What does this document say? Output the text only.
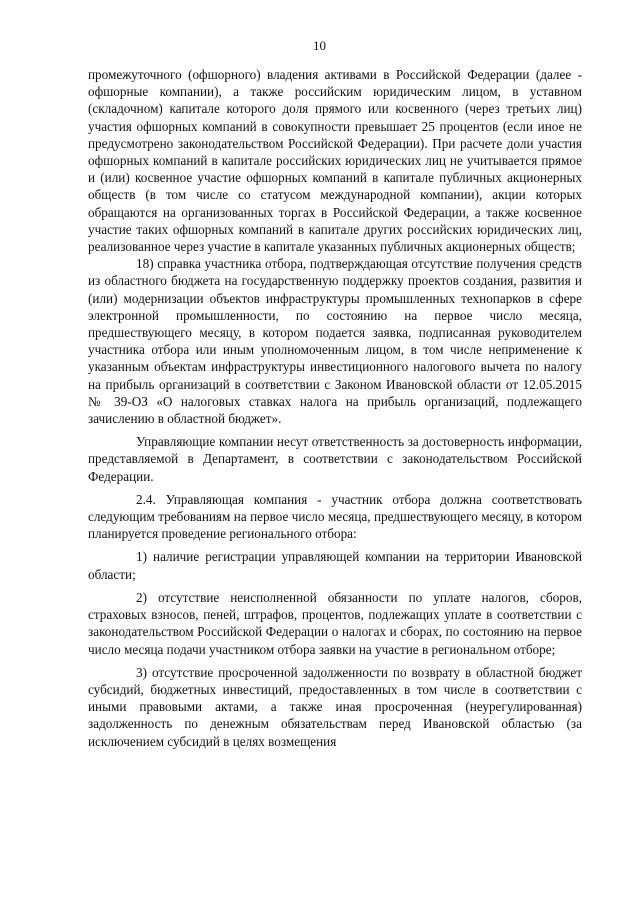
10

промежуточного (офшорного) владения активами в Российской Федерации (далее - офшорные компании), а также российским юридическим лицом, в уставном (складочном) капитале которого доля прямого или косвенного (через третьих лиц) участия офшорных компаний в совокупности превышает 25 процентов (если иное не предусмотрено законодательством Российской Федерации). При расчете доли участия офшорных компаний в капитале российских юридических лиц не учитывается прямое и (или) косвенное участие офшорных компаний в капитале публичных акционерных обществ (в том числе со статусом международной компании), акции которых обращаются на организованных торгах в Российской Федерации, а также косвенное участие таких офшорных компаний в капитале других российских юридических лиц, реализованное через участие в капитале указанных публичных акционерных обществ;

18) справка участника отбора, подтверждающая отсутствие получения средств из областного бюджета на государственную поддержку проектов создания, развития и (или) модернизации объектов инфраструктуры промышленных технопарков в сфере электронной промышленности, по состоянию на первое число месяца, предшествующего месяцу, в котором подается заявка, подписанная руководителем участника отбора или иным уполномоченным лицом, в том числе неприменение к указанным объектам инфраструктуры инвестиционного налогового вычета по налогу на прибыль организаций в соответствии с Законом Ивановской области от 12.05.2015 № 39-ОЗ «О налоговых ставках налога на прибыль организаций, подлежащего зачислению в областной бюджет».

Управляющие компании несут ответственность за достоверность информации, представляемой в Департамент, в соответствии с законодательством Российской Федерации.

2.4. Управляющая компания - участник отбора должна соответствовать следующим требованиям на первое число месяца, предшествующего месяцу, в котором планируется проведение регионального отбора:

1) наличие регистрации управляющей компании на территории Ивановской области;

2) отсутствие неисполненной обязанности по уплате налогов, сборов, страховых взносов, пеней, штрафов, процентов, подлежащих уплате в соответствии с законодательством Российской Федерации о налогах и сборах, по состоянию на первое число месяца подачи участником отбора заявки на участие в региональном отборе;

3) отсутствие просроченной задолженности по возврату в областной бюджет субсидий, бюджетных инвестиций, предоставленных в том числе в соответствии с иными правовыми актами, а также иная просроченная (неурегулированная) задолженность по денежным обязательствам перед Ивановской областью (за исключением субсидий в целях возмещения
